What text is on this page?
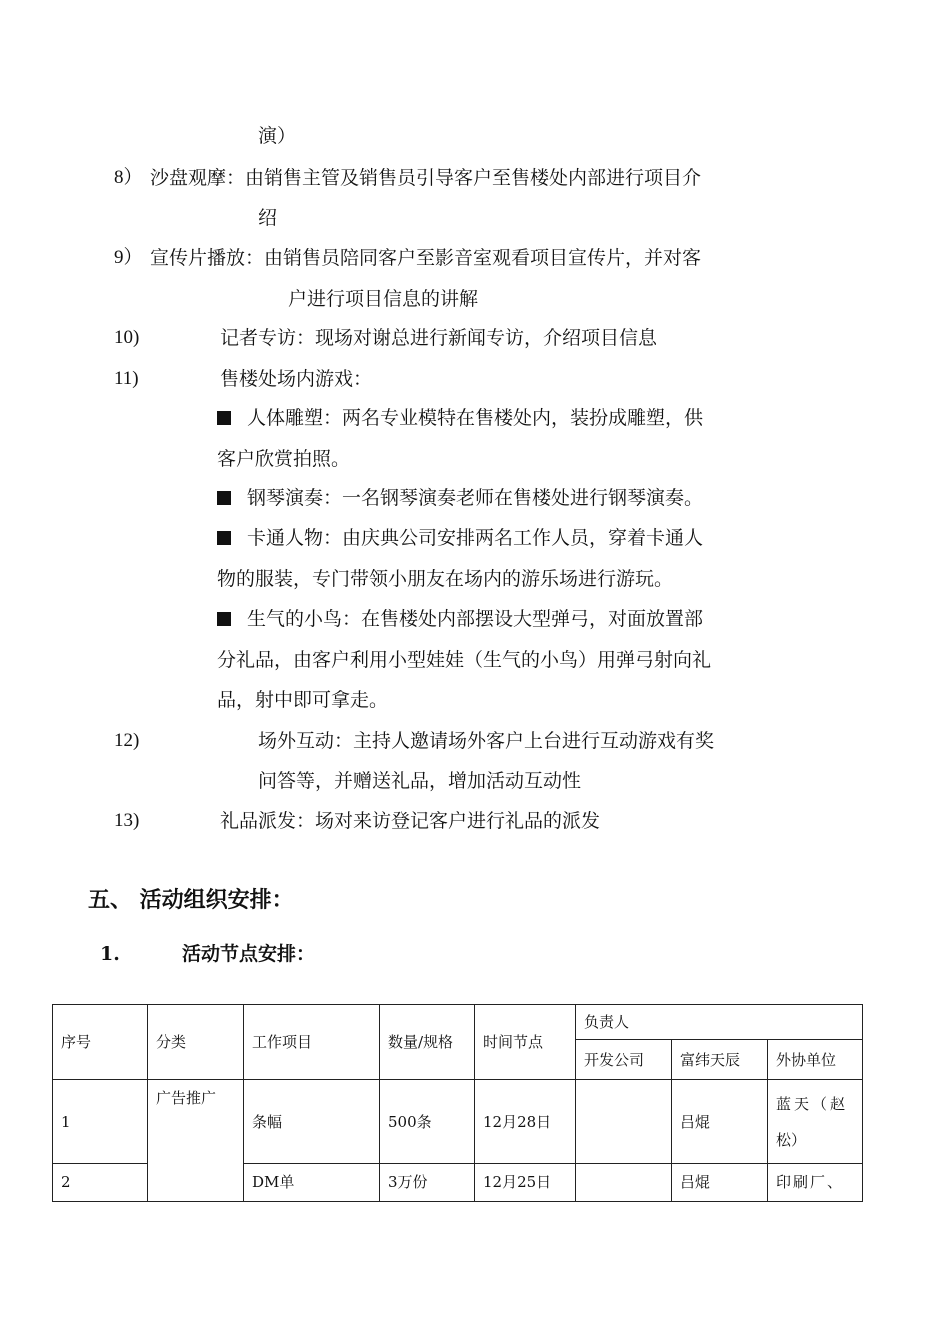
演）
8） 沙盘观摩：由销售主管及销售员引导客户至售楼处内部进行项目介
绍
9） 宣传片播放：由销售员陪同客户至影音室观看项目宣传片，并对客
户进行项目信息的讲解
10)	记者专访：现场对谢总进行新闻专访，介绍项目信息
11)	售楼处场内游戏：
人体雕塑：两名专业模特在售楼处内，装扮成雕塑，供
客户欣赏拍照。
钢琴演奏：一名钢琴演奏老师在售楼处进行钢琴演奏。
卡通人物：由庆典公司安排两名工作人员，穿着卡通人
物的服装，专门带领小朋友在场内的游乐场进行游玩。
生气的小鸟：在售楼处内部摆设大型弹弓，对面放置部
分礼品，由客户利用小型娃娃（生气的小鸟）用弹弓射向礼
品，射中即可拿走。
12)	场外互动：主持人邀请场外客户上台进行互动游戏有奖
问答等，并赠送礼品，增加活动互动性
13)	礼品派发：场对来访登记客户进行礼品的派发
五、 活动组织安排：
1.	活动节点安排：
序号	分类	工作项目	数量/规格	时间节点	负责人		
					开发公司	富纬天辰	外协单位
1	广告推广	条幅	500条	12月28日		吕焜	蓝天（赵
松）

2		DM单	3万份	12月25日		吕焜	印刷厂、
